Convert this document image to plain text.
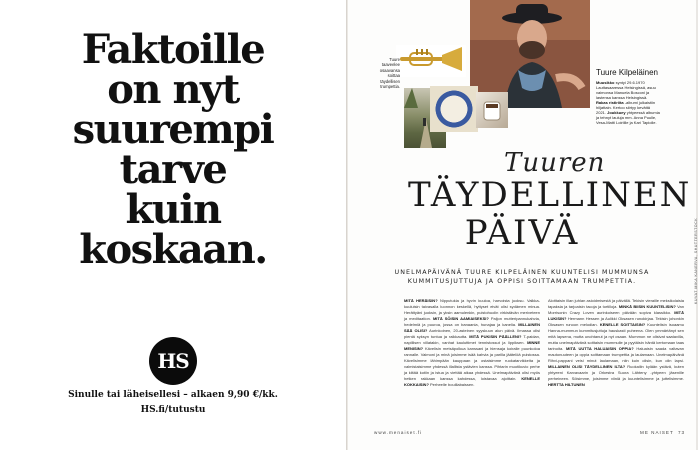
Faktoille
on nyt
suurempi
tarve
kuin
koskaan.
HS
Sinulle tai läheisellesi – alkaen 9,90 €/kk.
HS.fi/tutustu
Tuure taaveelee osaavansa soittaa täydellisen trumpettia.
Tuure Kilpeläinen
Muusikko syntyi 29.6.1970 Lauttasaaressa Helsingissä, asuu vaimonsa Manuela Bosconi ja lastensa kanssa Helsingissä. Rakas ristiriita -albumi julkaistiin hiljattain. Kertoo siirtyy kevättä 2021. Joukkuey yhtyeessä albumia ja tehnyt lauluja mm. Anna Puulle, Vesa-Matti Loiriille ja Kari Tapiolle.
Tuuren
TÄYDELLINEN
PÄIVÄ
UNELMAPÄIVÄNÄ TUURE KILPELÄINEN KUUNTELISI MUMMUNSA KUMMITUSJUTTUJA JA OPPISI SOITTAMAAN TRUMPETTIA.
MITÄ HERÄISIN? Nipputukia ja hyvin kuuloa, harvoista juoksu. Valkka-kuuluisin taivasalla luonnon keskellä, hyttyset eivät olisi sydämen minua. Herättyäni juoksin, ja yksin aamulenkin, puistohuolin virkistävän meriveteen ja meditaation. MITÄ SÖISIN AAMIAISEKSI? Paljon mutteripannukahvia, hedelmiä ja puuroa, jossa on banaania, hunajaa ja kanelia. MILLAINEN SÄÄ OLISI? Aurinkoinen, 20-asteinen syyskuun alun päivä. Ilmassa olisi pientä syksyn tuntua ja raikkautta. MITÄ PUKISIN PÄÄLLENI? T-paidan, napillisen villatakin, vanhat kauluttimet tennistossut ja lippiksen. MINNE MENISIN? Kävelisin metsäpolkua kanssani ja hiensaja koiralle puunkoloa rannalle. Vaimoni ja minä joisimme isää kahvia ja parilla jäätelöä puistossa. Kävelisimme lähimpään kauppaan ja ostaisimme ruokatarvikkeita ja valmistaisimme yhdessä illallista ystävien kanssa. Pihtarin muotikuvio perhe ja kiitää kotiin ja istua ja viettää aikaa yhdessä. Unelmapäivänä olisi myös hetken rakkaan kanssa kahdessa, loistavaa ajoittain. KENELLE KOKKAISIN? Perheelle bouillabaissen.
Aloittaisin illan juhlan asioidmisestä ja päivällä. Tekisin vieraille meksikolaisia tapaksia ja tarjoaisin tacoja ja tortilloja. MINKÄ BIISIN KUUNTELISIN? Van Morrisonin Crazy Loven aurinkoiseen päivään sopiva klassikko. MITÄ LUKISIN? Hermann Hessen ja Aulikki Oksasen runokirjaa. Tekisin johonkin Oksasen runoon melodian. KENELLE SOITTAISIN? Kuuntelisin isoaamu Hanna-mummun kummitusjuttuja hauskasti puheena. Olen ymmärtänyt sen mitä lapsena, mutta unohtanut ja nyt osaan. Mummon ne olisivat saatavilla, mutta unelmapäivänä soittaisin mummulle ja pyytäisin häntä kertomaan taas tarinoita. MITÄ UUTTA HALUAISIN OPPIA? Haluaisin saada valtavan mautonuuteen ja oppia soittamaan trumpettia ja laulamaan. Unelmapäivänä Rihvi-pappani veisi minut laulamaan, niin kuin olisin, kun olin lapsi. MILLAINEN OLISI TÄYDELLINEN ILTA? Ruokailin kylään ystävä, kuten yhtyeeni Karvavaarin ja Orkestra Suora Lähteny -yhtyeen jäsenille perheineen. Söisimme, joisimme viiniä ja kuuntelisimme ja juttelisimme. HERTTA HILTUNEN
KUVAT MIKA KANERVA, SHUTTERSTOCK
www.menaiset.fi	ME NAISET 73
